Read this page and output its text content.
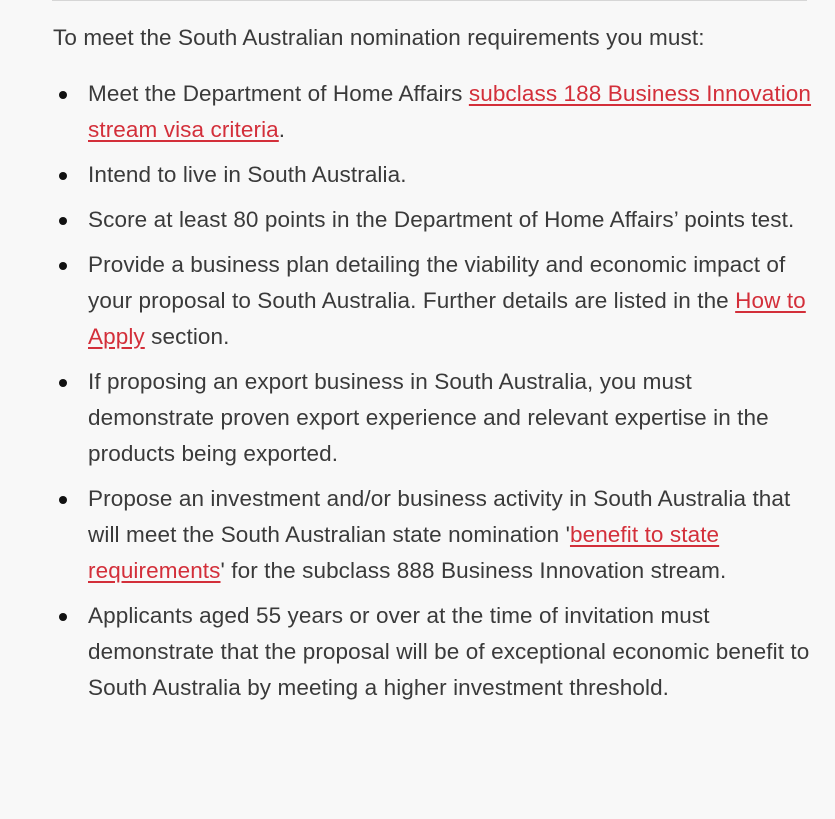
To meet the South Australian nomination requirements you must:

Meet the Department of Home Affairs subclass 188 Business Innovation stream visa criteria.
Intend to live in South Australia.
Score at least 80 points in the Department of Home Affairs’ points test.
Provide a business plan detailing the viability and economic impact of your proposal to South Australia. Further details are listed in the How to Apply section.
If proposing an export business in South Australia, you must demonstrate proven export experience and relevant expertise in the products being exported.
Propose an investment and/or business activity in South Australia that will meet the South Australian state nomination 'benefit to state requirements' for the subclass 888 Business Innovation stream.
Applicants aged 55 years or over at the time of invitation must demonstrate that the proposal will be of exceptional economic benefit to South Australia by meeting a higher investment threshold.
